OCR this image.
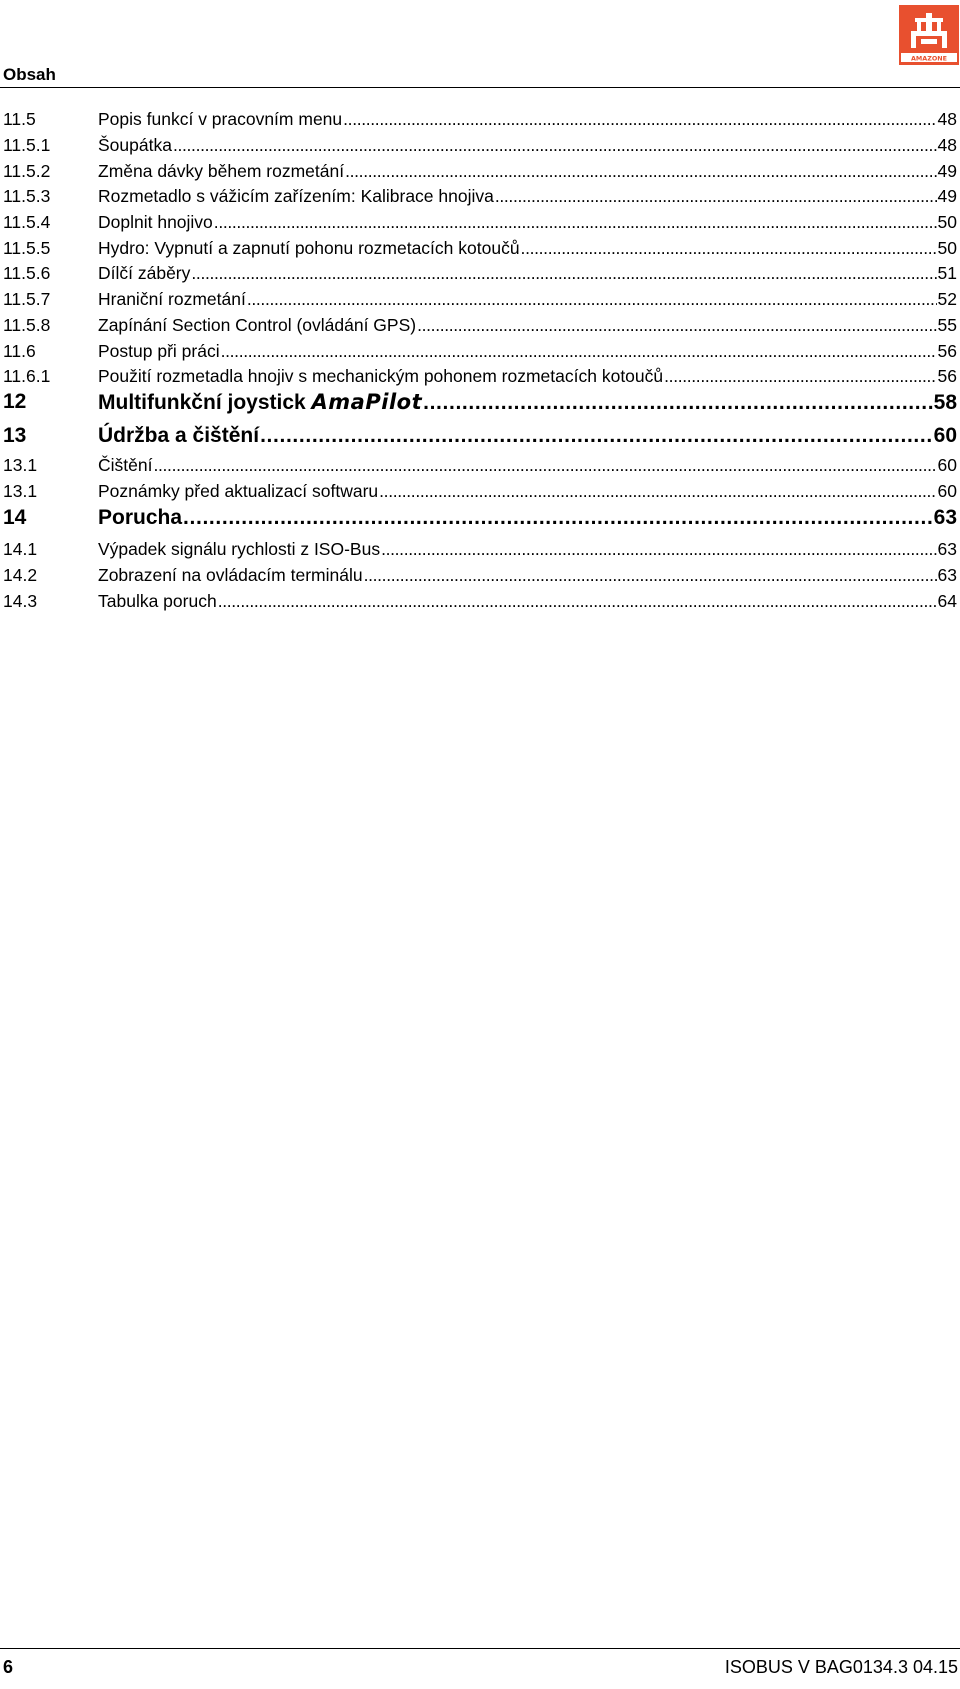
Obsah
AMAZONE
11.5	Popis funkcí v pracovním menu . . .	48
11.5.1	Šoupátka . . .	48
11.5.2	Změna dávky během rozmetání . . .	49
11.5.3	Rozmetadlo s vážicím zařízením: Kalibrace hnojiva . . .	49
11.5.4	Doplnit hnojivo . . .	50
11.5.5	Hydro: Vypnutí a zapnutí pohonu rozmetacích kotoučů . . .	50
11.5.6	Dílčí záběry . . .	51
11.5.7	Hraniční rozmetání . . .	52
11.5.8	Zapínání Section Control (ovládání GPS) . . .	55
11.6	Postup při práci . . .	56
11.6.1	Použití rozmetadla hnojiv s mechanickým pohonem rozmetacích kotoučů . . .	56
12	Multifunkční joystick AmaPilot . . .	58
13	Údržba a čištění . . .	60
13.1	Čištění . . .	60
13.1	Poznámky před aktualizací softwaru . . .	60
14	Porucha . . .	63
14.1	Výpadek signálu rychlosti z ISO-Bus . . .	63
14.2	Zobrazení na ovládacím terminálu . . .	63
14.3	Tabulka poruch . . .	64
6	ISOBUS V BAG0134.3 04.15
